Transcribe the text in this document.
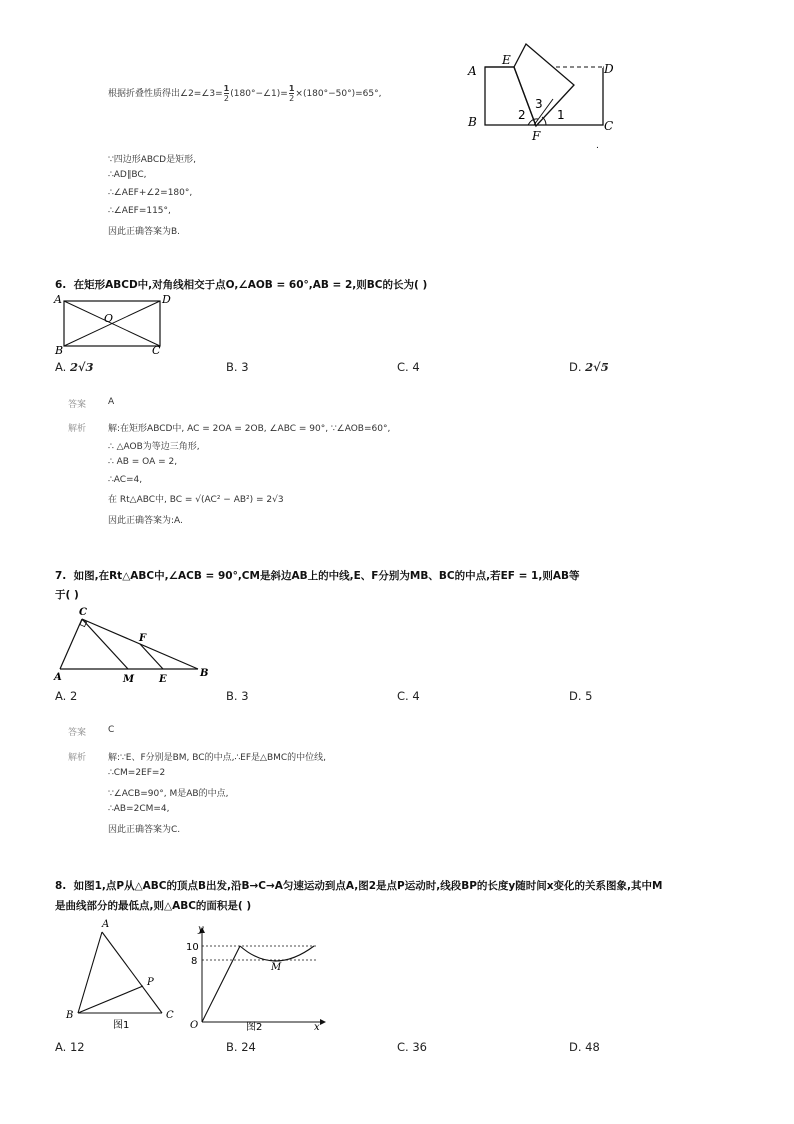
根据折叠性质得出∠2=∠3= $\frac{1}{2}$ (180°−∠1)= $\frac{1}{2} \times(180^\circ-50^\circ)=65^\circ$,
A
E
D
B	C
F
2
3
1
.
∵四边形ABCD是矩形,
∴AD∥BC,
∴∠AEF+∠2=180°,
∴∠AEF=115°,
因此正确答案为B.
6. 在矩形ABCD中,对角线相交于点O,∠AOB = 60°,AB = 2,则BC的长为( )
A	D
O
B	C
A. 2√3	B. 3	C. 4	D. 2√5
答案 A
解析 解:在矩形ABCD中, AC = 2OA = 2OB, ∠ABC = 90°, ∵∠AOB=60°,
∴ △AOB为等边三角形,
∴ AB = OA = 2,
∴AC=4,
在 Rt△ABC中, BC = √(AC² − AB²) = 2√3
因此正确答案为:A.
7. 如图,在Rt△ABC中,∠ACB = 90°,CM是斜边AB上的中线,E、F分别为MB、BC的中点,若EF = 1,则AB等
于( )
C
F
A	M E
B
A. 2	B. 3	C. 4	D. 5
答案 C
解析 解:∵E、F分别是BM, BC的中点,∴EF是△BMC的中位线,
∴CM=2EF=2
∵∠ACB=90°, M是AB的中点,
∴AB=2CM=4,
因此正确答案为C.
8. 如图1,点P从△ABC的顶点B出发,沿B→C→A匀速运动到点A,图2是点P运动时,线段BP的长度y随时间x变化的关系图象,其中M
是曲线部分的最低点,则△ABC的面积是( )
A
P
B	C
图1
y
10
8
M
O	x
图2
A. 12	B. 24	C. 36	D. 48
